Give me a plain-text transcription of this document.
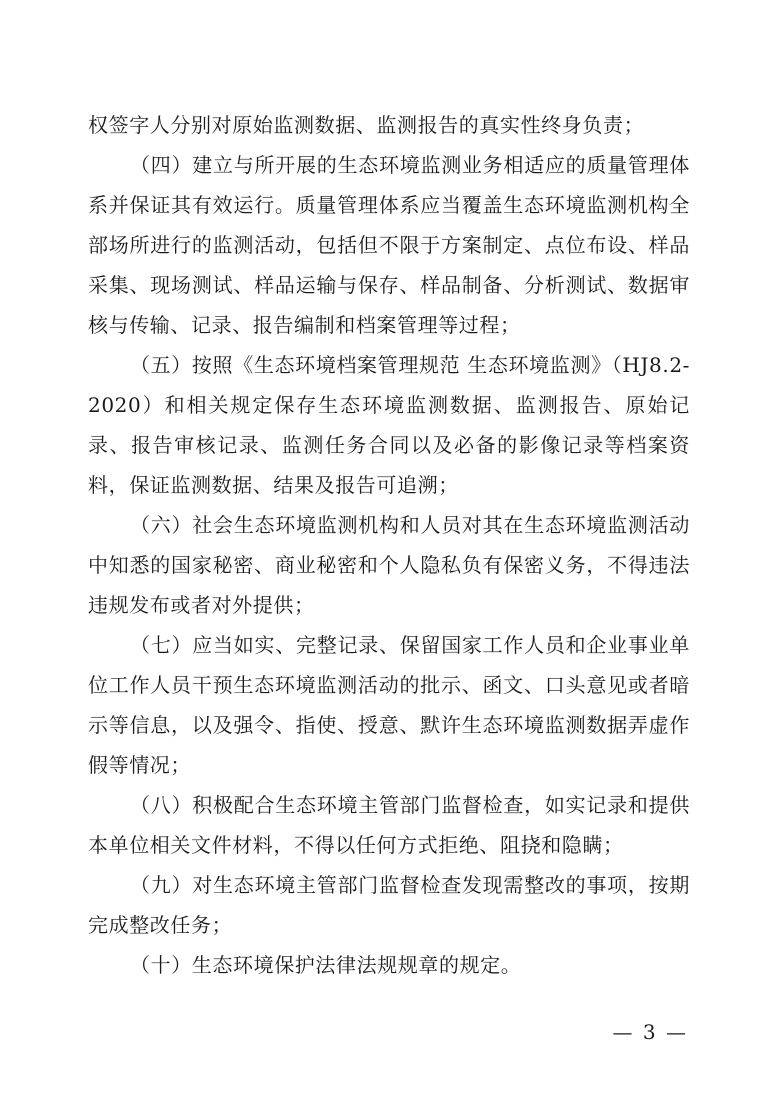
权签字人分别对原始监测数据、监测报告的真实性终身负责；

（四）建立与所开展的生态环境监测业务相适应的质量管理体系并保证其有效运行。质量管理体系应当覆盖生态环境监测机构全部场所进行的监测活动，包括但不限于方案制定、点位布设、样品采集、现场测试、样品运输与保存、样品制备、分析测试、数据审核与传输、记录、报告编制和档案管理等过程；

（五）按照《生态环境档案管理规范 生态环境监测》（HJ8.2-2020）和相关规定保存生态环境监测数据、监测报告、原始记录、报告审核记录、监测任务合同以及必备的影像记录等档案资料，保证监测数据、结果及报告可追溯；

（六）社会生态环境监测机构和人员对其在生态环境监测活动中知悉的国家秘密、商业秘密和个人隐私负有保密义务，不得违法违规发布或者对外提供；

（七）应当如实、完整记录、保留国家工作人员和企业事业单位工作人员干预生态环境监测活动的批示、函文、口头意见或者暗示等信息，以及强令、指使、授意、默许生态环境监测数据弄虚作假等情况；

（八）积极配合生态环境主管部门监督检查，如实记录和提供本单位相关文件材料，不得以任何方式拒绝、阻挠和隐瞒；

（九）对生态环境主管部门监督检查发现需整改的事项，按期完成整改任务；

（十）生态环境保护法律法规规章的规定。

— 3 —
